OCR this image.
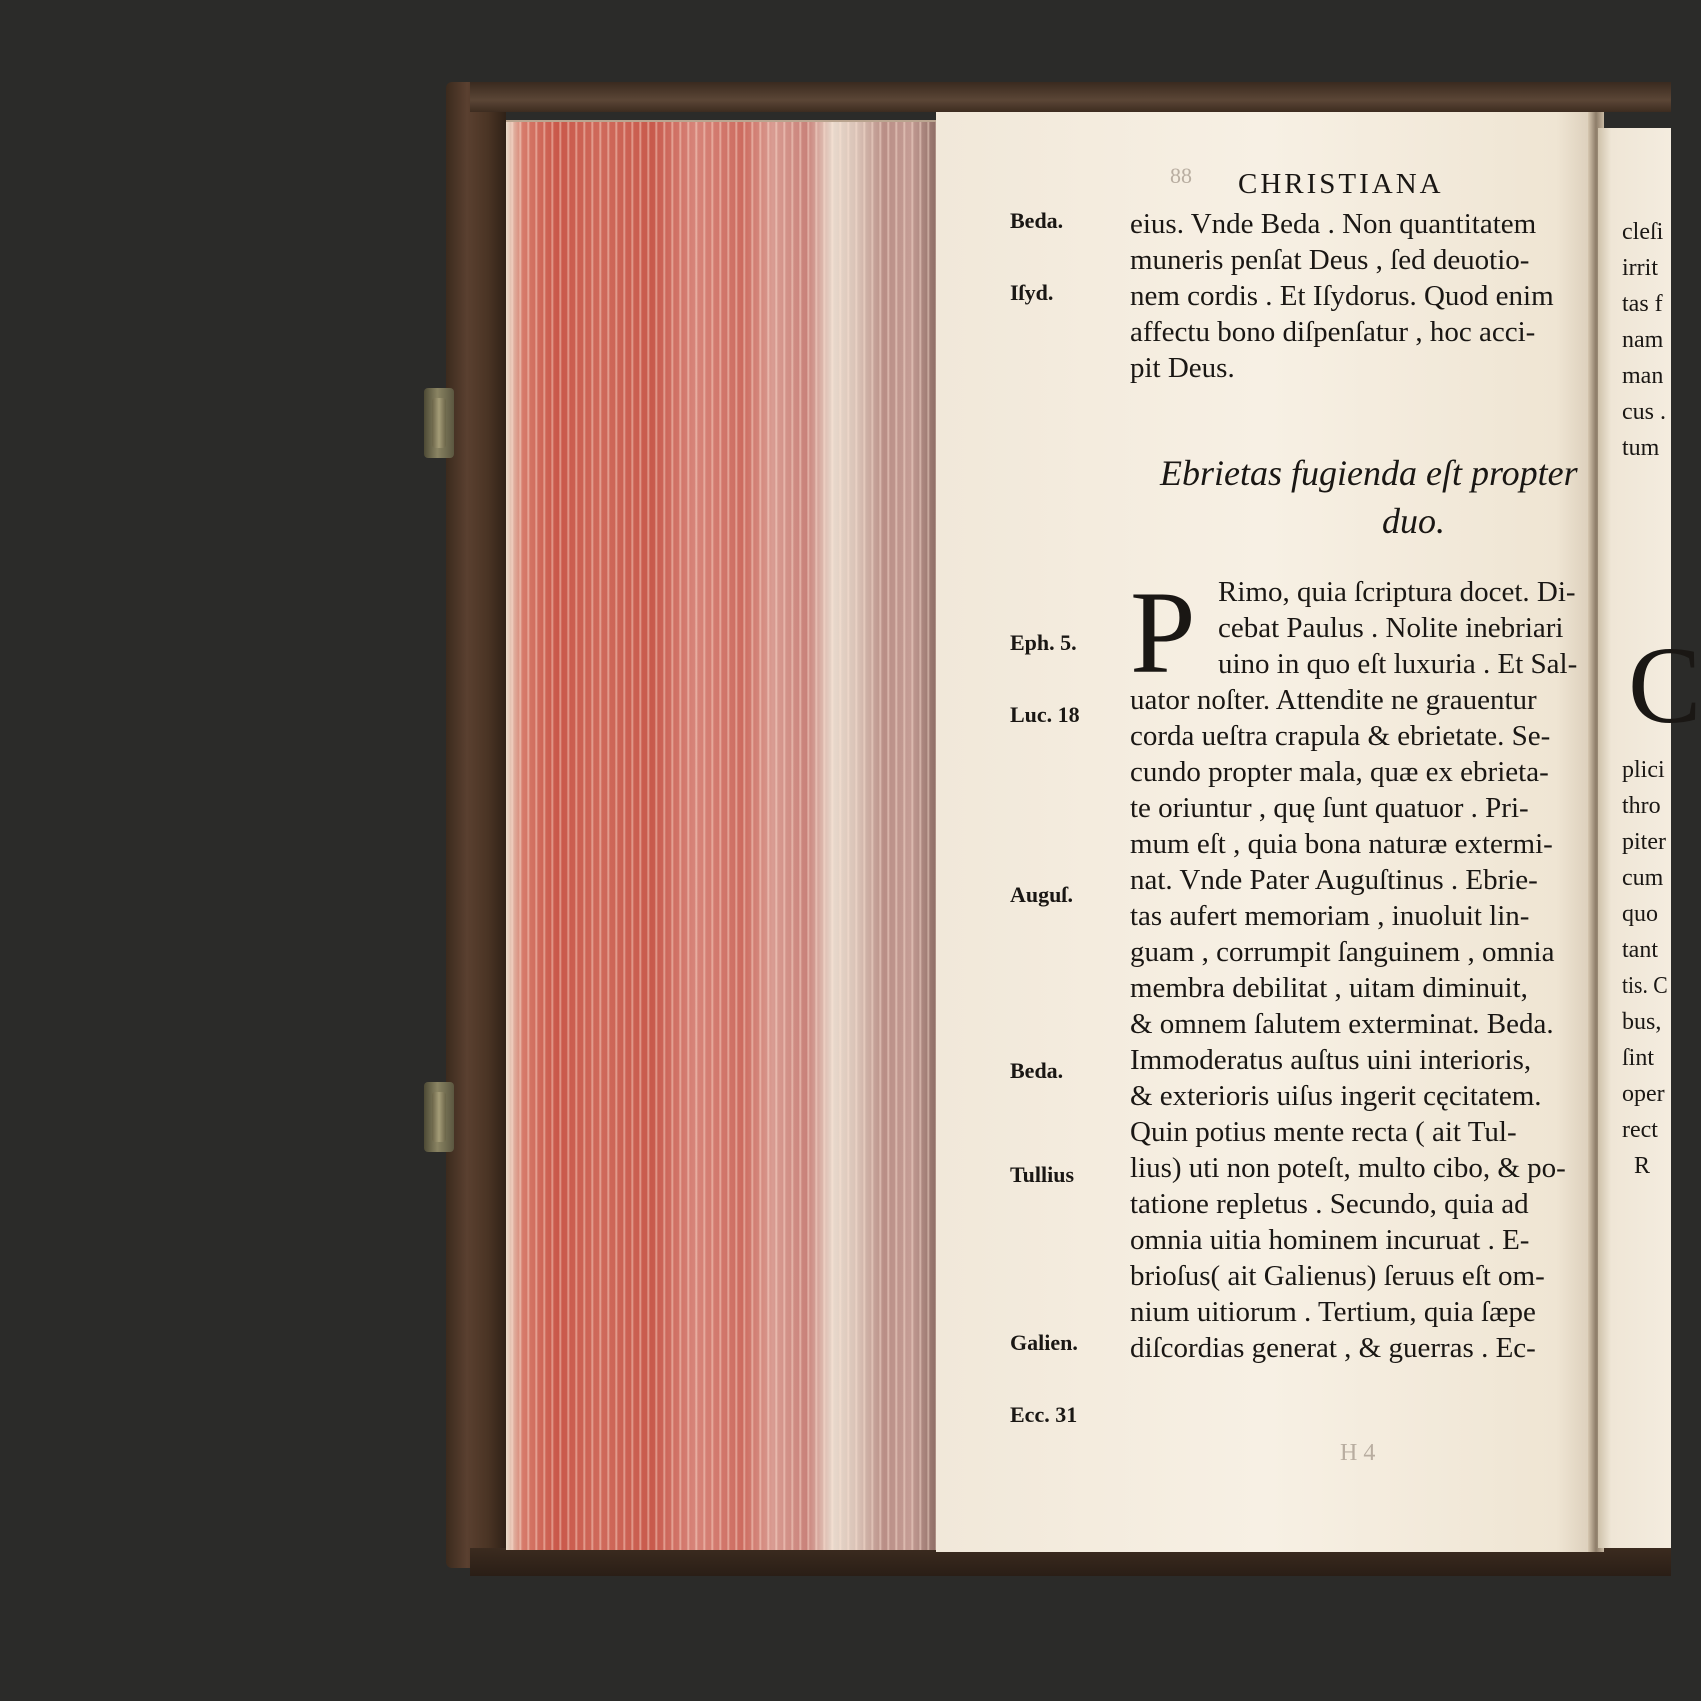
88 CHRISTIANA
eius. Vnde Beda . Non quantitatem
muneris penſat Deus , ſed deuotio-
nem cordis . Et Iſydorus. Quod enim
affectu bono diſpenſatur , hoc acci-
pit Deus.
Ebrietas fugienda eſt propter
duo.
P Rimo, quia ſcriptura docet. Di-
cebat Paulus . Nolite inebriari
uino in quo eſt luxuria . Et Sal-
uator noſter. Attendite ne grauentur
corda ueſtra crapula & ebrietate. Se-
cundo propter mala, quæ ex ebrieta-
te oriuntur , quę ſunt quatuor . Pri-
mum eſt , quia bona naturæ extermi-
nat. Vnde Pater Auguſtinus . Ebrie-
tas aufert memoriam , inuoluit lin-
guam , corrumpit ſanguinem , omnia
membra debilitat , uitam diminuit,
& omnem ſalutem exterminat. Beda.
Immoderatus auſtus uini interioris,
& exterioris uiſus ingerit cęcitatem.
Quin potius mente recta ( ait Tul-
lius) uti non poteſt, multo cibo, & po-
tatione repletus . Secundo, quia ad
omnia uitia hominem incuruat . E-
brioſus( ait Galienus) ſeruus eſt om-
nium uitiorum . Tertium, quia ſæpe
diſcordias generat , & guerras . Ec-
Beda.
Iſyd.
Eph. 5.
Luc. 18
Auguſ.
Beda.
Tullius
Galien.
Ecc. 31
H 4
cleſi
irrit
tas f
nam
man
cus .
tum
plici
thro
piter
cum
quo
tant
tis. C
bus,
ſint
oper
rect
R
C
